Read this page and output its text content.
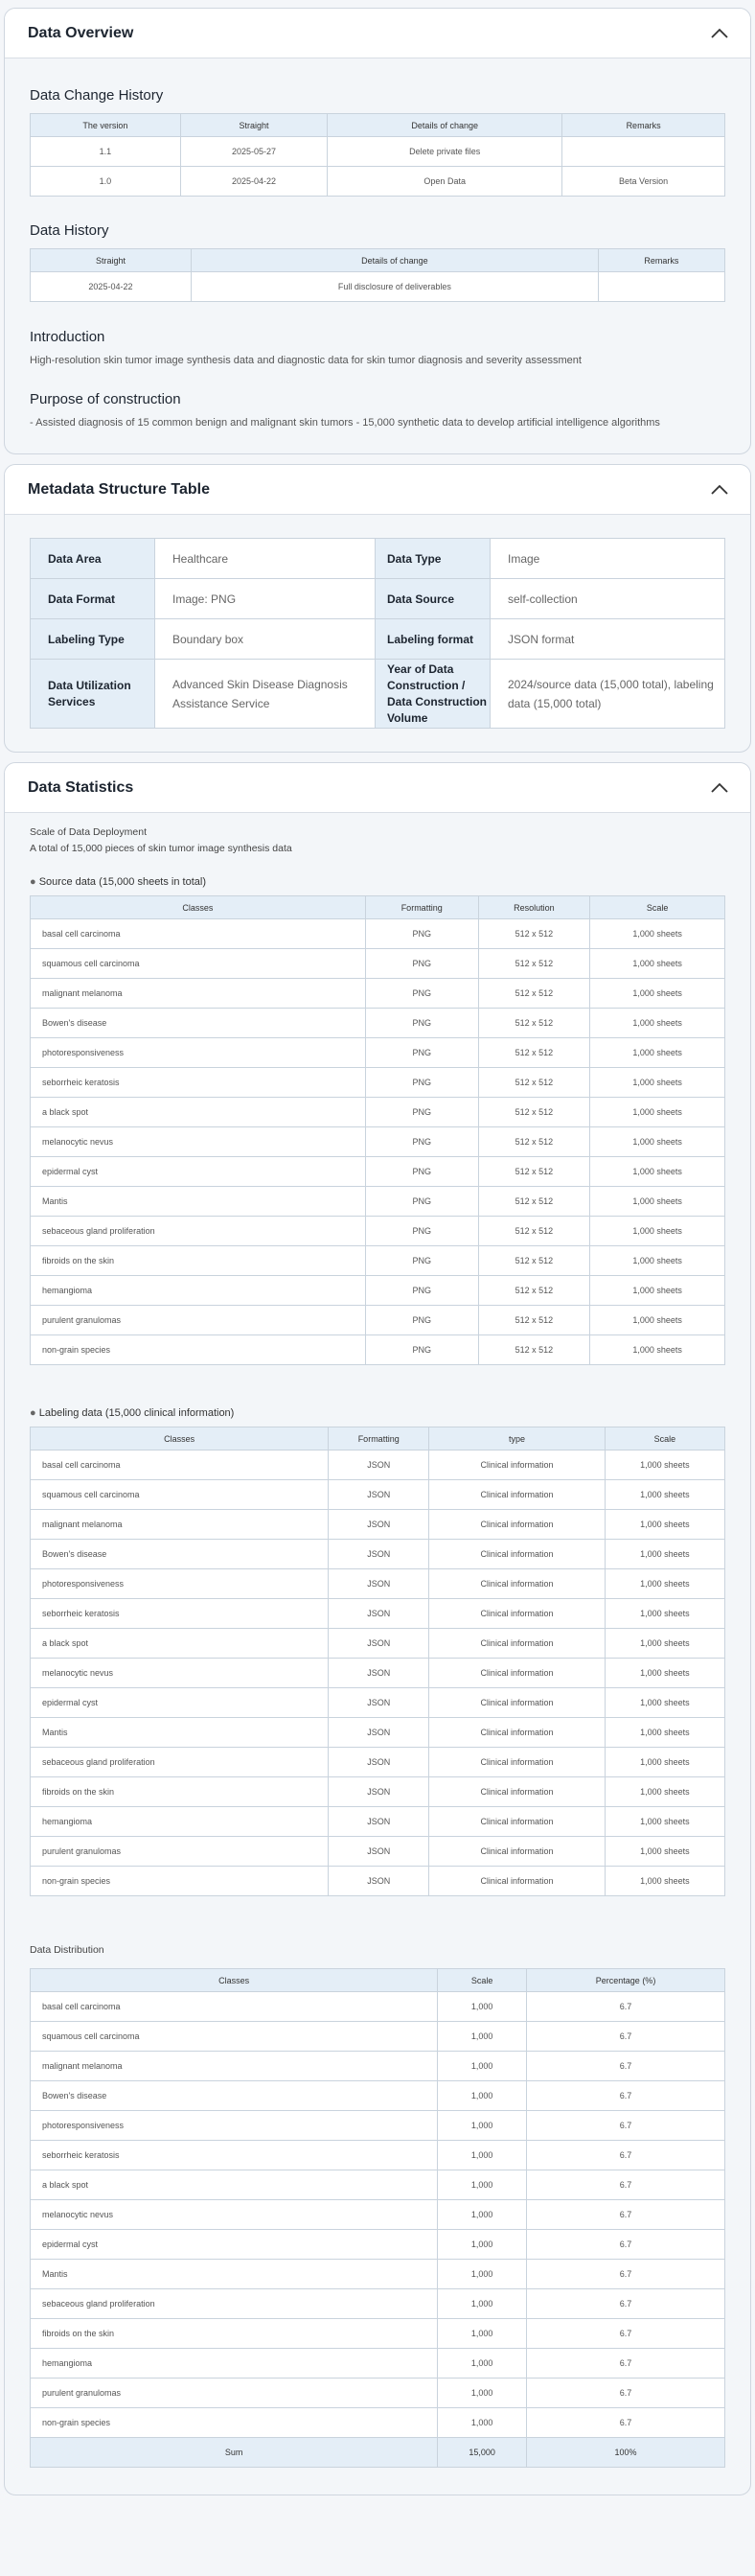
Data Overview
Data Change History
The version	Straight	Details of change	Remarks
1.1	2025-05-27	Delete private files	
1.0	2025-04-22	Open Data	Beta Version
Data History
Straight	Details of change	Remarks
2025-04-22	Full disclosure of deliverables	
Introduction
High-resolution skin tumor image synthesis data and diagnostic data for skin tumor diagnosis and severity assessment
Purpose of construction
- Assisted diagnosis of 15 common benign and malignant skin tumors - 15,000 synthetic data to develop artificial intelligence algorithms
Metadata Structure Table
Data Area	Healthcare	Data Type	Image
Data Format	Image: PNG	Data Source	self-collection
Labeling Type	Boundary box	Labeling format	JSON format
Data Utilization Services	Advanced Skin Disease Diagnosis Assistance Service	Year of Data Construction / Data Construction Volume	2024/source data (15,000 total), labeling data (15,000 total)
Data Statistics
Scale of Data Deployment
A total of 15,000 pieces of skin tumor image synthesis data
● Source data (15,000 sheets in total)
Classes	Formatting	Resolution	Scale
basal cell carcinoma	PNG	512 x 512	1,000 sheets
squamous cell carcinoma	PNG	512 x 512	1,000 sheets
malignant melanoma	PNG	512 x 512	1,000 sheets
Bowen's disease	PNG	512 x 512	1,000 sheets
photoresponsiveness	PNG	512 x 512	1,000 sheets
seborrheic keratosis	PNG	512 x 512	1,000 sheets
a black spot	PNG	512 x 512	1,000 sheets
melanocytic nevus	PNG	512 x 512	1,000 sheets
epidermal cyst	PNG	512 x 512	1,000 sheets
Mantis	PNG	512 x 512	1,000 sheets
sebaceous gland proliferation	PNG	512 x 512	1,000 sheets
fibroids on the skin	PNG	512 x 512	1,000 sheets
hemangioma	PNG	512 x 512	1,000 sheets
purulent granulomas	PNG	512 x 512	1,000 sheets
non-grain species	PNG	512 x 512	1,000 sheets
● Labeling data (15,000 clinical information)
Classes	Formatting	type	Scale
basal cell carcinoma	JSON	Clinical information	1,000 sheets
squamous cell carcinoma	JSON	Clinical information	1,000 sheets
malignant melanoma	JSON	Clinical information	1,000 sheets
Bowen's disease	JSON	Clinical information	1,000 sheets
photoresponsiveness	JSON	Clinical information	1,000 sheets
seborrheic keratosis	JSON	Clinical information	1,000 sheets
a black spot	JSON	Clinical information	1,000 sheets
melanocytic nevus	JSON	Clinical information	1,000 sheets
epidermal cyst	JSON	Clinical information	1,000 sheets
Mantis	JSON	Clinical information	1,000 sheets
sebaceous gland proliferation	JSON	Clinical information	1,000 sheets
fibroids on the skin	JSON	Clinical information	1,000 sheets
hemangioma	JSON	Clinical information	1,000 sheets
purulent granulomas	JSON	Clinical information	1,000 sheets
non-grain species	JSON	Clinical information	1,000 sheets
Data Distribution
Classes	Scale	Percentage (%)
basal cell carcinoma	1,000	6.7
squamous cell carcinoma	1,000	6.7
malignant melanoma	1,000	6.7
Bowen's disease	1,000	6.7
photoresponsiveness	1,000	6.7
seborrheic keratosis	1,000	6.7
a black spot	1,000	6.7
melanocytic nevus	1,000	6.7
epidermal cyst	1,000	6.7
Mantis	1,000	6.7
sebaceous gland proliferation	1,000	6.7
fibroids on the skin	1,000	6.7
hemangioma	1,000	6.7
purulent granulomas	1,000	6.7
non-grain species	1,000	6.7
Sum	15,000	100%
